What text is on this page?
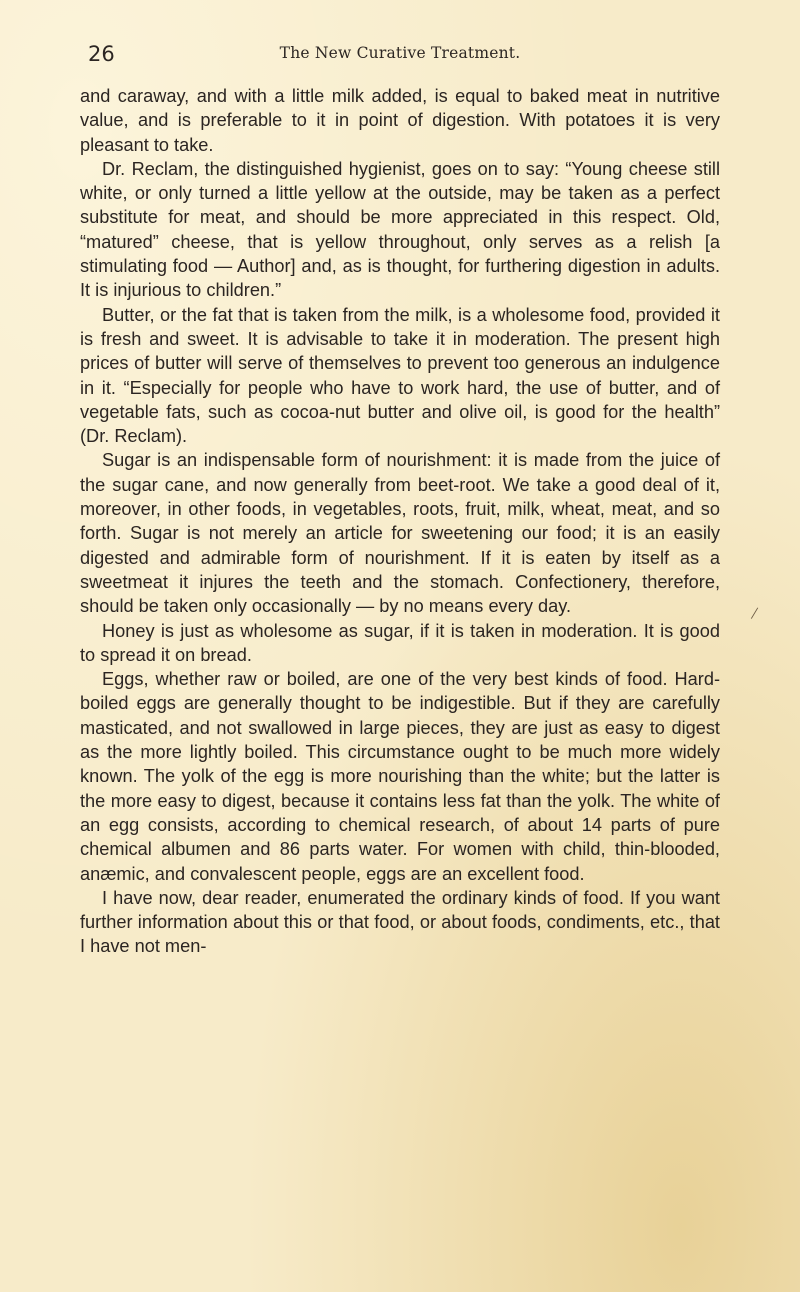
26	The New Curative Treatment.

and caraway, and with a little milk added, is equal to baked meat in nutritive value, and is preferable to it in point of digestion. With potatoes it is very pleasant to take.

Dr. Reclam, the distinguished hygienist, goes on to say: “Young cheese still white, or only turned a little yellow at the outside, may be taken as a perfect substitute for meat, and should be more appreciated in this respect. Old, “matured” cheese, that is yellow throughout, only serves as a relish [a stimulating food — Author] and, as is thought, for furthering digestion in adults. It is injurious to children.”

Butter, or the fat that is taken from the milk, is a wholesome food, provided it is fresh and sweet. It is advisable to take it in moderation. The present high prices of butter will serve of themselves to prevent too generous an indulgence in it. “Especially for people who have to work hard, the use of butter, and of vegetable fats, such as cocoa-nut butter and olive oil, is good for the health” (Dr. Reclam).

Sugar is an indispensable form of nourishment: it is made from the juice of the sugar cane, and now generally from beet-root. We take a good deal of it, moreover, in other foods, in vegetables, roots, fruit, milk, wheat, meat, and so forth. Sugar is not merely an article for sweetening our food; it is an easily digested and admirable form of nourishment. If it is eaten by itself as a sweetmeat it injures the teeth and the stomach. Confectionery, therefore, should be taken only occasionally — by no means every day.

Honey is just as wholesome as sugar, if it is taken in moderation. It is good to spread it on bread.

Eggs, whether raw or boiled, are one of the very best kinds of food. Hard-boiled eggs are generally thought to be indigestible. But if they are carefully masticated, and not swallowed in large pieces, they are just as easy to digest as the more lightly boiled. This circumstance ought to be much more widely known. The yolk of the egg is more nourishing than the white; but the latter is the more easy to digest, because it contains less fat than the yolk. The white of an egg consists, according to chemical research, of about 14 parts of pure chemical albumen and 86 parts water. For women with child, thin-blooded, anæmic, and convalescent people, eggs are an excellent food.

I have now, dear reader, enumerated the ordinary kinds of food. If you want further information about this or that food, or about foods, condiments, etc., that I have not men-

/
